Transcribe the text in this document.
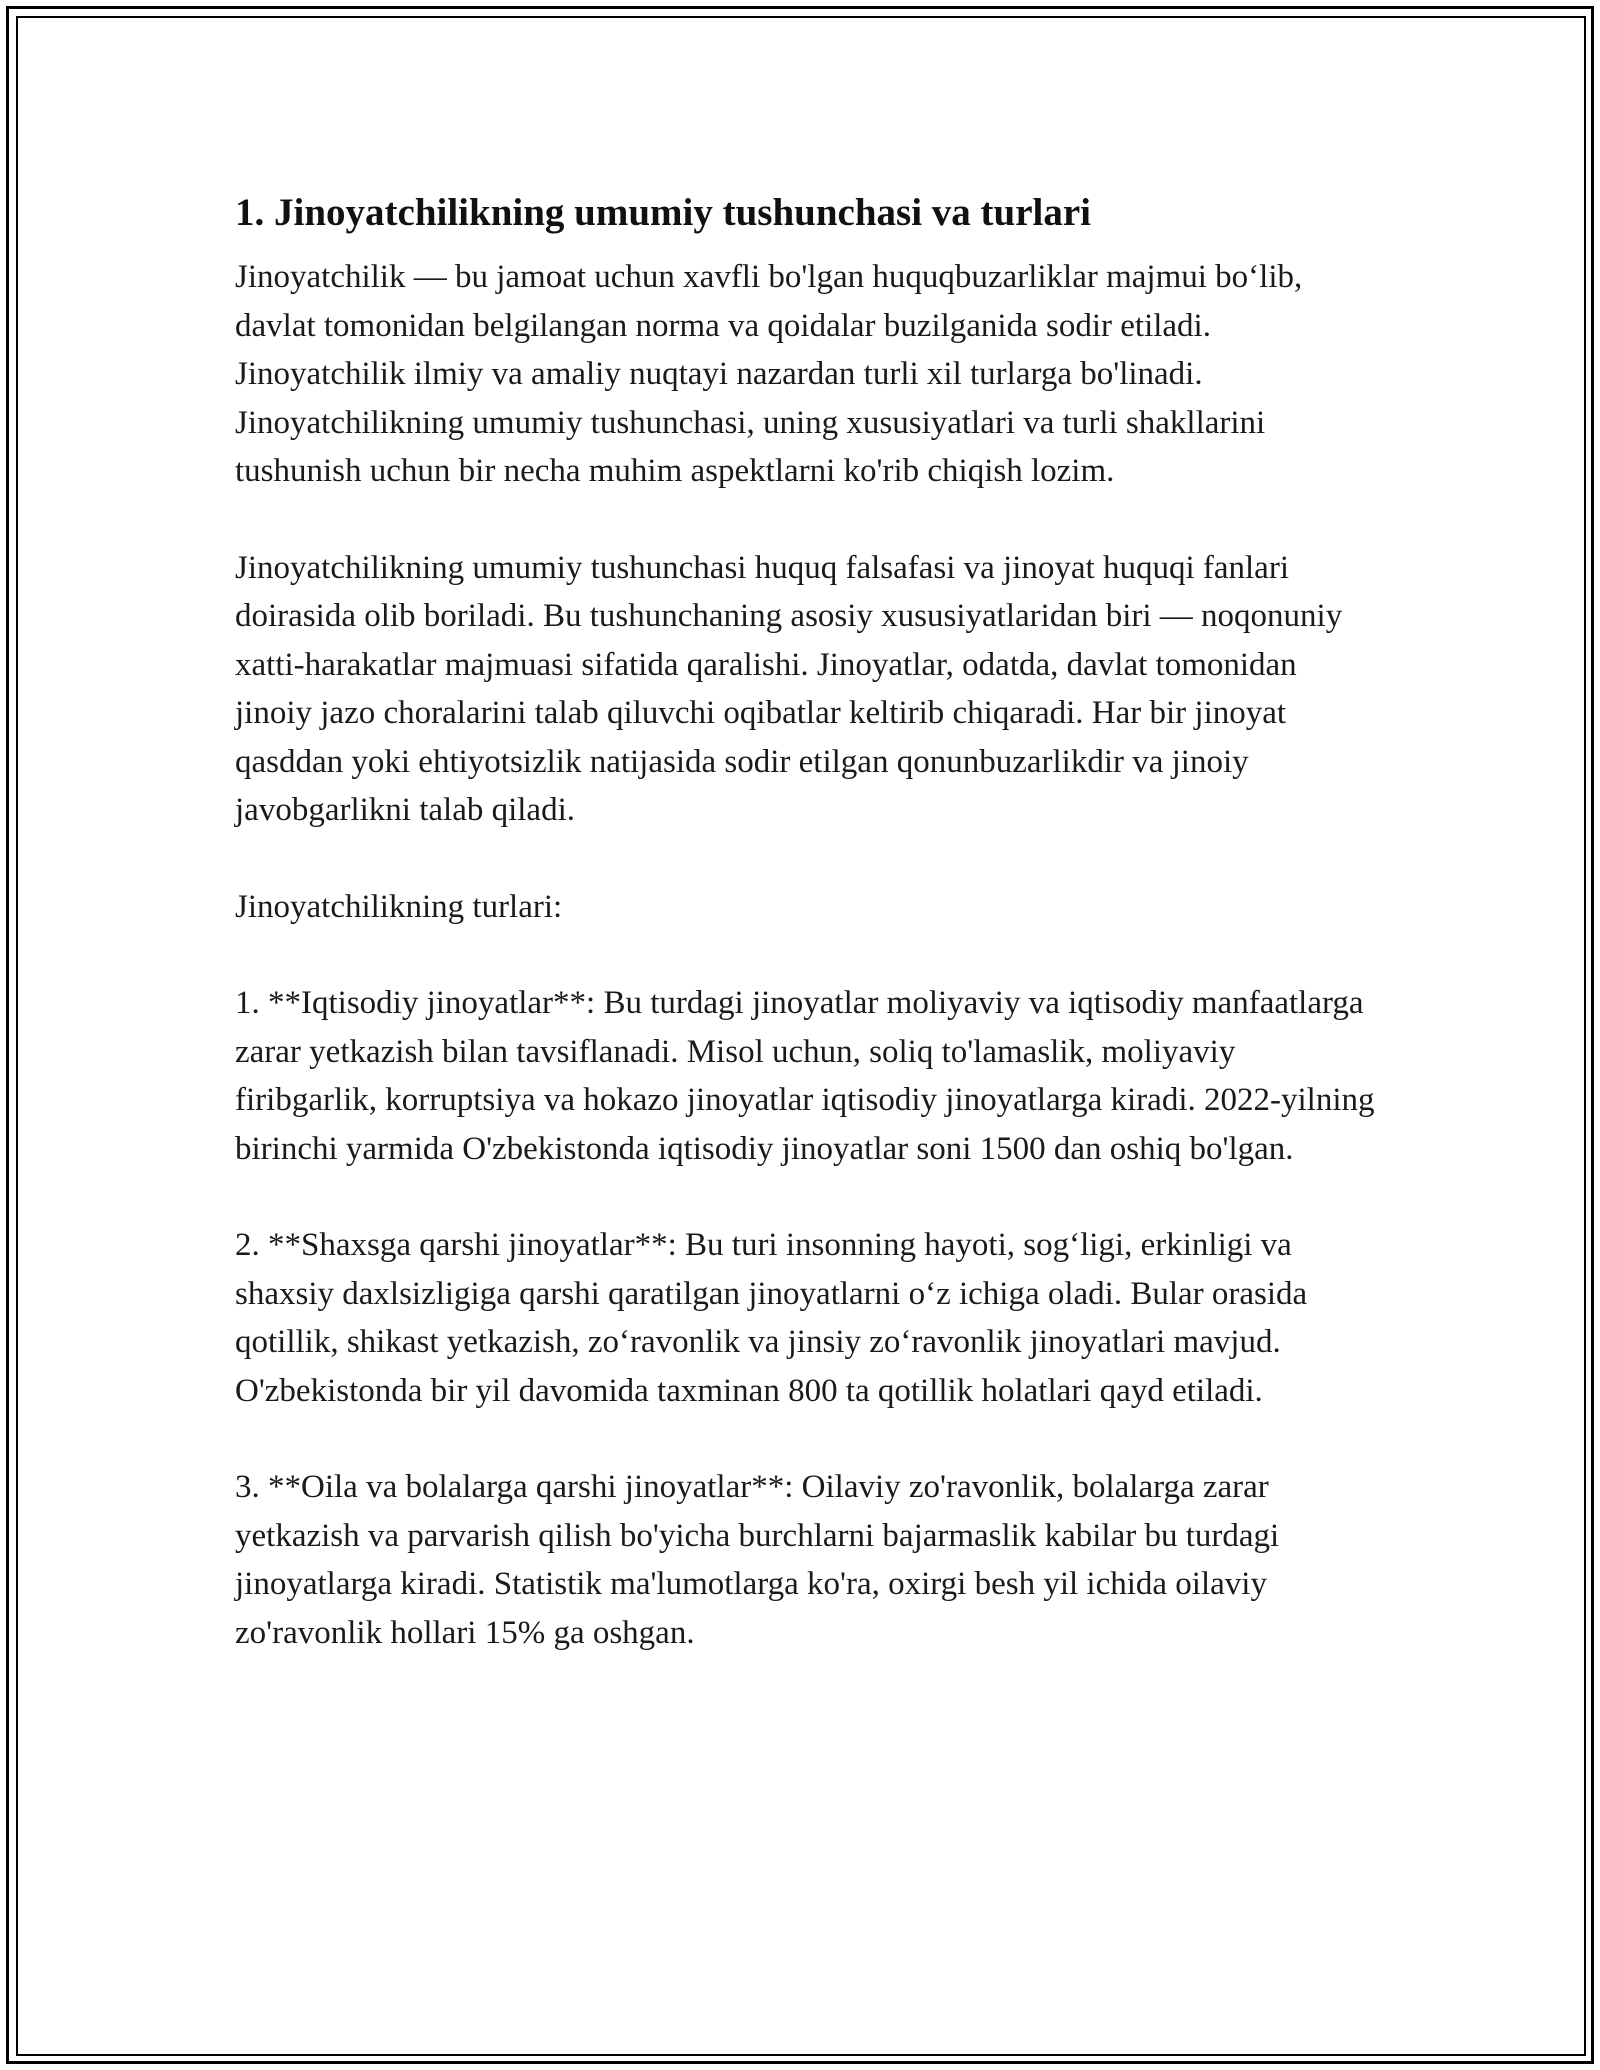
1. Jinoyatchilikning umumiy tushunchasi va turlari

Jinoyatchilik — bu jamoat uchun xavfli bo'lgan huquqbuzarliklar majmui bo‘lib, davlat tomonidan belgilangan norma va qoidalar buzilganida sodir etiladi. Jinoyatchilik ilmiy va amaliy nuqtayi nazardan turli xil turlarga bo'linadi. Jinoyatchilikning umumiy tushunchasi, uning xususiyatlari va turli shakllarini tushunish uchun bir necha muhim aspektlarni ko'rib chiqish lozim.

Jinoyatchilikning umumiy tushunchasi huquq falsafasi va jinoyat huquqi fanlari doirasida olib boriladi. Bu tushunchaning asosiy xususiyatlaridan biri — noqonuniy xatti-harakatlar majmuasi sifatida qaralishi. Jinoyatlar, odatda, davlat tomonidan jinoiy jazo choralarini talab qiluvchi oqibatlar keltirib chiqaradi. Har bir jinoyat qasddan yoki ehtiyotsizlik natijasida sodir etilgan qonunbuzarlikdir va jinoiy javobgarlikni talab qiladi.

Jinoyatchilikning turlari:

1. **Iqtisodiy jinoyatlar**: Bu turdagi jinoyatlar moliyaviy va iqtisodiy manfaatlarga zarar yetkazish bilan tavsiflanadi. Misol uchun, soliq to'lamaslik, moliyaviy firibgarlik, korruptsiya va hokazo jinoyatlar iqtisodiy jinoyatlarga kiradi. 2022-yilning birinchi yarmida O'zbekistonda iqtisodiy jinoyatlar soni 1500 dan oshiq bo'lgan.

2. **Shaxsga qarshi jinoyatlar**: Bu turi insonning hayoti, sog‘ligi, erkinligi va shaxsiy daxlsizligiga qarshi qaratilgan jinoyatlarni o‘z ichiga oladi. Bular orasida qotillik, shikast yetkazish, zo‘ravonlik va jinsiy zo‘ravonlik jinoyatlari mavjud. O'zbekistonda bir yil davomida taxminan 800 ta qotillik holatlari qayd etiladi.

3. **Oila va bolalarga qarshi jinoyatlar**: Oilaviy zo'ravonlik, bolalarga zarar yetkazish va parvarish qilish bo'yicha burchlarni bajarmaslik kabilar bu turdagi jinoyatlarga kiradi. Statistik ma'lumotlarga ko'ra, oxirgi besh yil ichida oilaviy zo'ravonlik hollari 15% ga oshgan.
